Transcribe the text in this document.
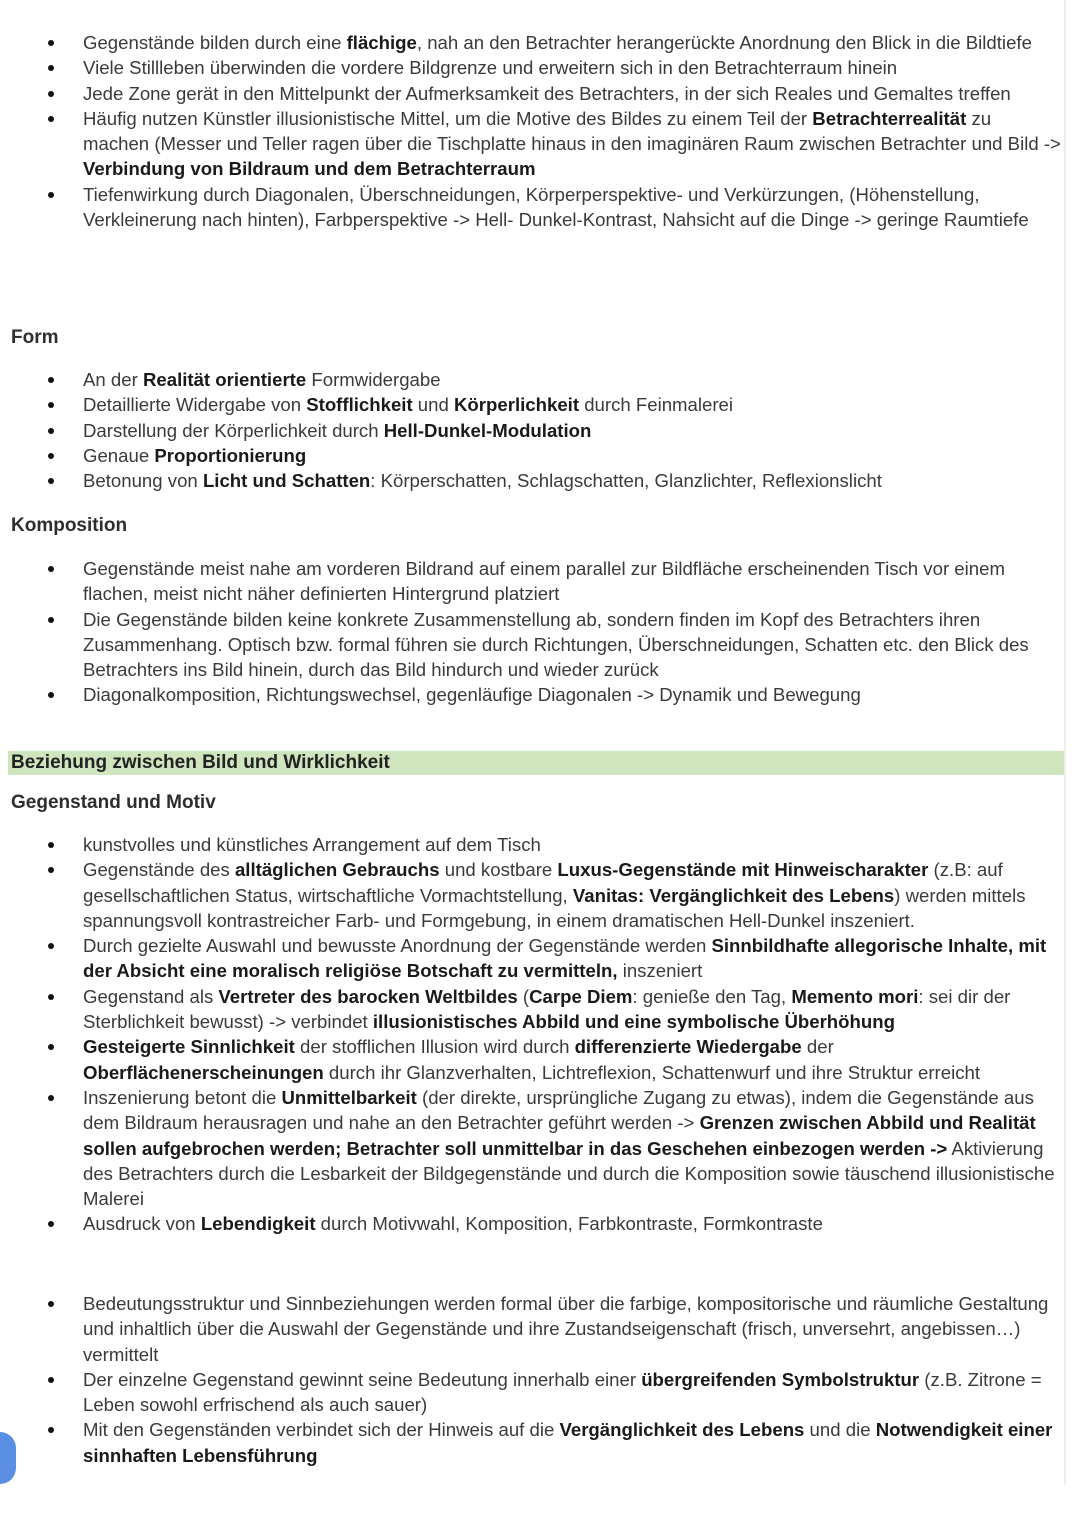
Gegenstände bilden durch eine flächige, nah an den Betrachter herangerückte Anordnung den Blick in die Bildtiefe
Viele Stillleben überwinden die vordere Bildgrenze und erweitern sich in den Betrachterraum hinein
Jede Zone gerät in den Mittelpunkt der Aufmerksamkeit des Betrachters, in der sich Reales und Gemaltes treffen
Häufig nutzen Künstler illusionistische Mittel, um die Motive des Bildes zu einem Teil der Betrachterrealität zu machen (Messer und Teller ragen über die Tischplatte hinaus in den imaginären Raum zwischen Betrachter und Bild -> Verbindung von Bildraum und dem Betrachterraum
Tiefenwirkung durch Diagonalen, Überschneidungen, Körperperspektive- und Verkürzungen, (Höhenstellung, Verkleinerung nach hinten), Farbperspektive -> Hell- Dunkel-Kontrast, Nahsicht auf die Dinge -> geringe Raumtiefe
Form
An der Realität orientierte Formwidergabe
Detaillierte Widergabe von Stofflichkeit und Körperlichkeit durch Feinmalerei
Darstellung der Körperlichkeit durch Hell-Dunkel-Modulation
Genaue Proportionierung
Betonung von Licht und Schatten: Körperschatten, Schlagschatten, Glanzlichter, Reflexionslicht
Komposition
Gegenstände meist nahe am vorderen Bildrand auf einem parallel zur Bildfläche erscheinenden Tisch vor einem flachen, meist nicht näher definierten Hintergrund platziert
Die Gegenstände bilden keine konkrete Zusammenstellung ab, sondern finden im Kopf des Betrachters ihren Zusammenhang. Optisch bzw. formal führen sie durch Richtungen, Überschneidungen, Schatten etc. den Blick des Betrachters ins Bild hinein, durch das Bild hindurch und wieder zurück
Diagonalkomposition, Richtungswechsel, gegenläufige Diagonalen -> Dynamik und Bewegung
Beziehung zwischen Bild und Wirklichkeit
Gegenstand und Motiv
kunstvolles und künstliches Arrangement auf dem Tisch
Gegenstände des alltäglichen Gebrauchs und kostbare Luxus-Gegenstände mit Hinweischarakter (z.B: auf gesellschaftlichen Status, wirtschaftliche Vormachtstellung, Vanitas: Vergänglichkeit des Lebens) werden mittels spannungsvoll kontrastreicher Farb- und Formgebung, in einem dramatischen Hell-Dunkel inszeniert.
Durch gezielte Auswahl und bewusste Anordnung der Gegenstände werden Sinnbildhafte allegorische Inhalte, mit der Absicht eine moralisch religiöse Botschaft zu vermitteln, inszeniert
Gegenstand als Vertreter des barocken Weltbildes (Carpe Diem: genieße den Tag, Memento mori: sei dir der Sterblichkeit bewusst) -> verbindet illusionistisches Abbild und eine symbolische Überhöhung
Gesteigerte Sinnlichkeit der stofflichen Illusion wird durch differenzierte Wiedergabe der Oberflächenerscheinungen durch ihr Glanzverhalten, Lichtreflexion, Schattenwurf und ihre Struktur erreicht
Inszenierung betont die Unmittelbarkeit (der direkte, ursprüngliche Zugang zu etwas), indem die Gegenstände aus dem Bildraum herausragen und nahe an den Betrachter geführt werden -> Grenzen zwischen Abbild und Realität sollen aufgebrochen werden; Betrachter soll unmittelbar in das Geschehen einbezogen werden -> Aktivierung des Betrachters durch die Lesbarkeit der Bildgegenstände und durch die Komposition sowie täuschend illusionistische Malerei
Ausdruck von Lebendigkeit durch Motivwahl, Komposition, Farbkontraste, Formkontraste
Bedeutungsstruktur und Sinnbeziehungen werden formal über die farbige, kompositorische und räumliche Gestaltung und inhaltlich über die Auswahl der Gegenstände und ihre Zustandseigenschaft (frisch, unversehrt, angebissen…) vermittelt
Der einzelne Gegenstand gewinnt seine Bedeutung innerhalb einer übergreifenden Symbolstruktur (z.B. Zitrone = Leben sowohl erfrischend als auch sauer)
Mit den Gegenständen verbindet sich der Hinweis auf die Vergänglichkeit des Lebens und die Notwendigkeit einer sinnhaften Lebensführung
